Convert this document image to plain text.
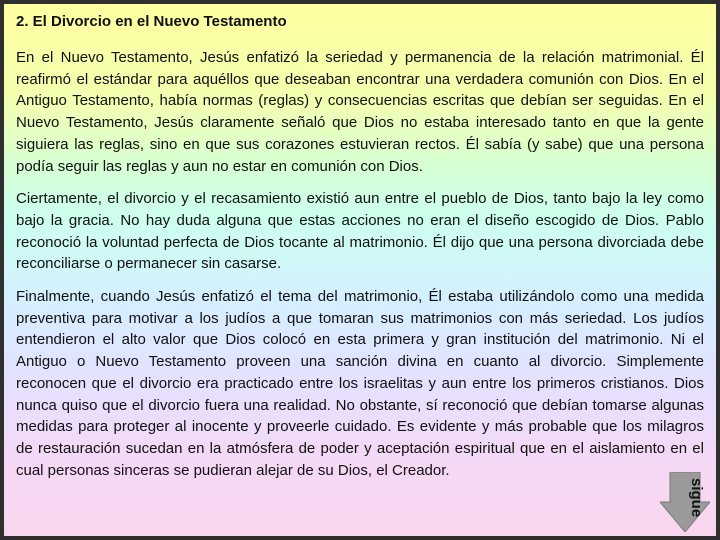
2. El Divorcio en el Nuevo Testamento

En el Nuevo Testamento, Jesús enfatizó la seriedad y permanencia de la relación matrimonial. Él reafirmó el estándar para aquéllos que deseaban encontrar una verdadera comunión con Dios. En el Antiguo Testamento, había normas (reglas) y consecuencias escritas que debían ser seguidas. En el Nuevo Testamento, Jesús claramente señaló que Dios no estaba interesado tanto en que la gente siguiera las reglas, sino en que sus corazones estuvieran rectos. Él sabía (y sabe) que una persona podía seguir las reglas y aun no estar en comunión con Dios.

Ciertamente, el divorcio y el recasamiento existió aun entre el pueblo de Dios, tanto bajo la ley como bajo la gracia. No hay duda alguna que estas acciones no eran el diseño escogido de Dios. Pablo reconoció la voluntad perfecta de Dios tocante al matrimonio. Él dijo que una persona divorciada debe reconciliarse o permanecer sin casarse.

Finalmente, cuando Jesús enfatizó el tema del matrimonio, Él estaba utilizándolo como una medida preventiva para motivar a los judíos a que tomaran sus matrimonios con más seriedad. Los judíos entendieron el alto valor que Dios colocó en esta primera y gran institución del matrimonio. Ni el Antiguo o Nuevo Testamento proveen una sanción divina en cuanto al divorcio. Simplemente reconocen que el divorcio era practicado entre los israelitas y aun entre los primeros cristianos. Dios nunca quiso que el divorcio fuera una realidad. No obstante, sí reconoció que debían tomarse algunas medidas para proteger al inocente y proveerle cuidado. Es evidente y más probable que los milagros de restauración sucedan en la atmósfera de poder y aceptación espiritual que en el aislamiento en el cual personas sinceras se pudieran alejar de su Dios, el Creador.

sigue
